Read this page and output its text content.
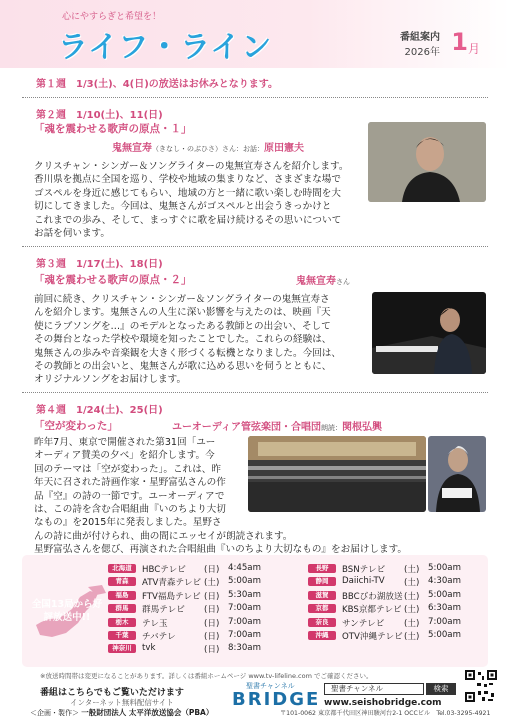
心にやすらぎと希望を！
ライフ・ライン	番組案内
2026年 1 月
第１週　1/3(土)、4(日)の放送はお休みとなります。
第２週　1/10(土)、11(日)
「魂を震わせる歌声の原点・１」
鬼無宣寿（きなし・のぶひさ）さん：お話：原田憲夫

クリスチャン・シンガー＆ソングライターの鬼無宣寿さんを紹介します。

香川県を拠点に全国を巡り、学校や地域の集まりなど、さまざまな場で

ゴスペルを身近に感じてもらい、地域の方と一緒に歌い楽しむ時間を大

切にしてきました。今回は、鬼無さんがゴスペルと出会うきっかけと

これまでの歩み、そして、まっすぐに歌を届け続けるその思いについて

お話を伺います。

第３週　1/17(土)、18(日)
「魂を震わせる歌声の原点・２」	鬼無宣寿さん

前回に続き、クリスチャン・シンガー＆ソングライターの鬼無宣寿さ

んを紹介します。鬼無さんの人生に深い影響を与えたのは、映画『天

使にラブソングを…』のモデルとなったある教師との出会い、そして

その舞台となった学校や環境を知ったことでした。これらの経験は、

鬼無さんの歩みや音楽観を大きく形づくる転機となりました。今回は、

その教師との出会いと、鬼無さんが歌に込める思いを伺うとともに、

オリジナルソングをお届けします。

第４週　1/24(土)、25(日)
「空が変わった」	ユーオーディア管弦楽団・合唱団朗読：関根弘興

昨年7月、東京で開催された第31回「ユー

オーディア賛美の夕べ」を紹介します。今

回のテーマは「空が変わった」。これは、昨

年天に召された詩画作家・星野富弘さんの作

品『空』の詩の一節です。ユーオーディアで

は、この詩を含む合唱組曲『いのちより大切

なもの』を2015年に発表しました。星野さ

んの詩に曲が付けられ、曲の間にエッセイが朗読されます。

星野富弘さんを偲び、再演された合唱組曲『いのちより大切なもの』をお届けします。

全国13局から好評放送中!!
北海道	HBCテレビ (日) 4:45am
青森	ATV青森テレビ (土) 5:00am
福島	FTV福島テレビ (日) 5:30am
群馬	群馬テレビ (日) 7:00am
栃木	テレ玉	(日) 7:00am
千葉	チバテレ	(日) 7:00am
神奈川	tvk	(日) 8:30am
長野	BSNテレビ (土) 5:00am
静岡	Daiichi-TV (土) 4:30am
滋賀	BBCびわ湖放送 (土) 5:00am
京都	KBS京都テレビ (土) 6:30am
奈良	サンテレビ (土) 7:00am
沖縄	OTV沖縄テレビ (土) 5:00am
※放送時間帯は変更になることがあります。詳しくは番組ホームページ www.tv-lifeline.com でご確認ください。
番組はこちらでもご覧いただけます
インターネット無料配信サイト
聖書チャンネル
BRIDGE
聖書チャンネル	検索
www.seishobridge.com
＜企画・製作＞ 一般財団法人 太平洋放送協会（PBA）	〒101-0062 東京都千代田区神田駿河台2-1 OCCビル　Tel.03-3295-4921
